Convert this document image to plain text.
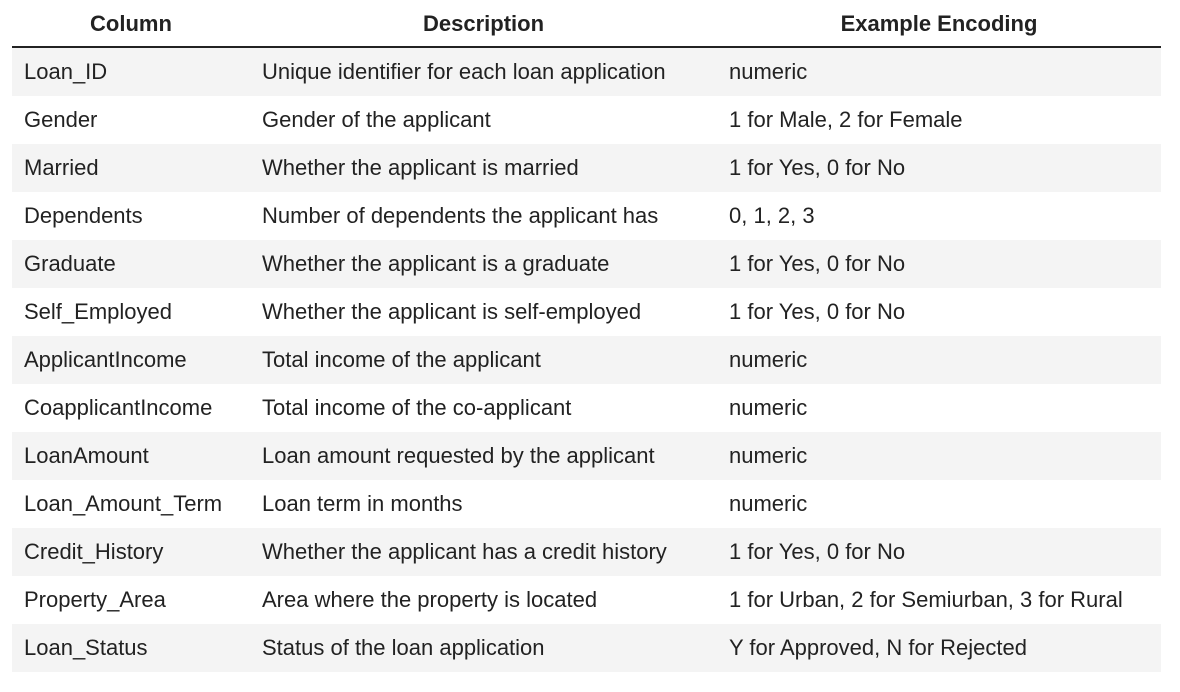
Column	Description	Example Encoding
Loan_ID	Unique identifier for each loan application	numeric
Gender	Gender of the applicant	1 for Male, 2 for Female
Married	Whether the applicant is married	1 for Yes, 0 for No
Dependents	Number of dependents the applicant has	0, 1, 2, 3
Graduate	Whether the applicant is a graduate	1 for Yes, 0 for No
Self_Employed	Whether the applicant is self-employed	1 for Yes, 0 for No
ApplicantIncome	Total income of the applicant	numeric
CoapplicantIncome	Total income of the co-applicant	numeric
LoanAmount	Loan amount requested by the applicant	numeric
Loan_Amount_Term	Loan term in months	numeric
Credit_History	Whether the applicant has a credit history	1 for Yes, 0 for No
Property_Area	Area where the property is located	1 for Urban, 2 for Semiurban, 3 for Rural
Loan_Status	Status of the loan application	Y for Approved, N for Rejected
